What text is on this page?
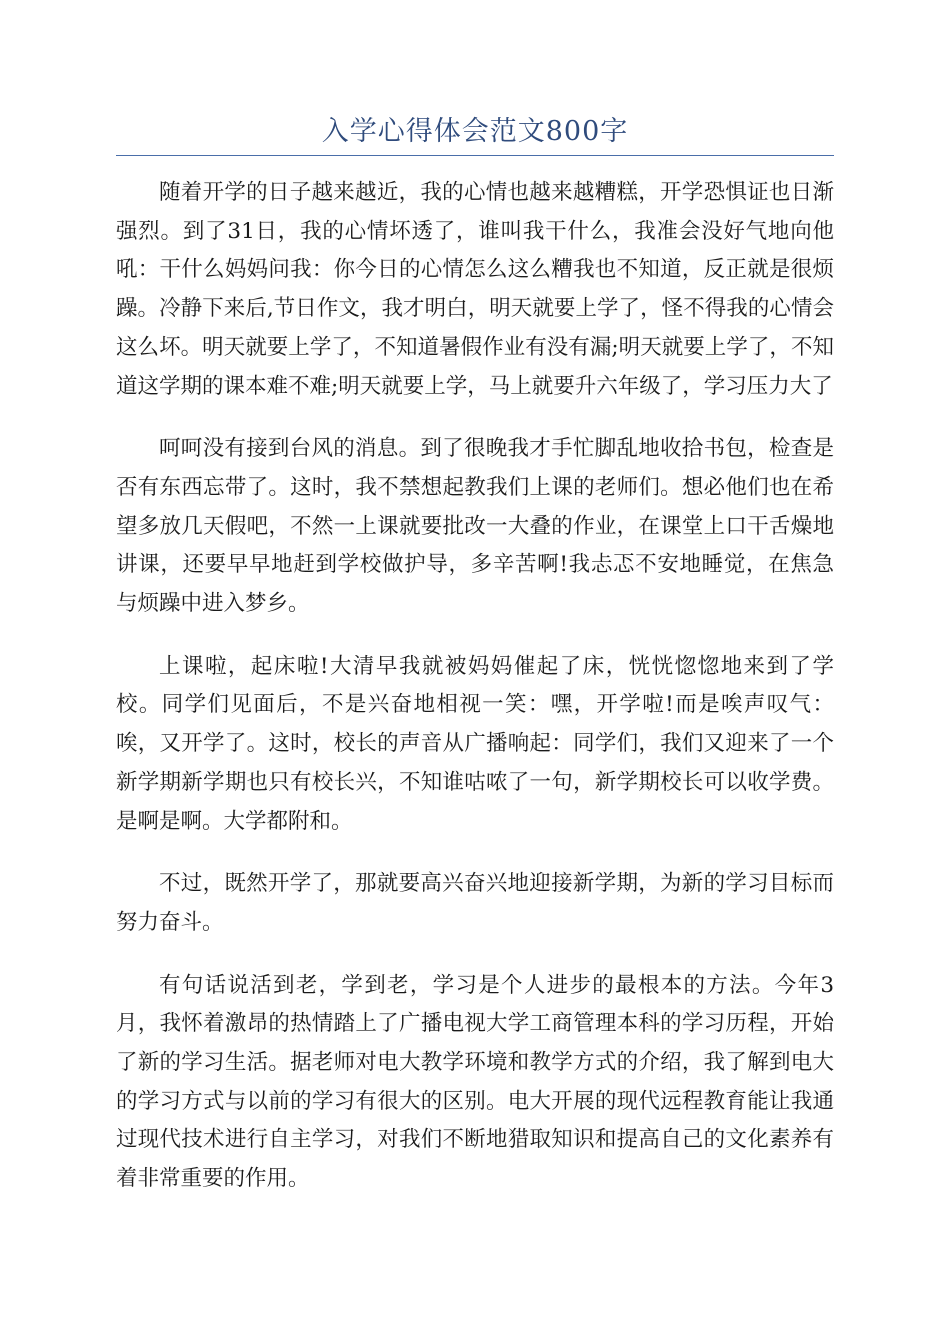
入学心得体会范文800字

随着开学的日子越来越近，我的心情也越来越糟糕，开学恐惧证也日渐强烈。到了31日，我的心情坏透了，谁叫我干什么，我准会没好气地向他吼：干什么妈妈问我：你今日的心情怎么这么糟我也不知道，反正就是很烦躁。冷静下来后,节日作文，我才明白，明天就要上学了，怪不得我的心情会这么坏。明天就要上学了，不知道暑假作业有没有漏;明天就要上学了，不知道这学期的课本难不难;明天就要上学，马上就要升六年级了，学习压力大了

呵呵没有接到台风的消息。到了很晚我才手忙脚乱地收拾书包，检查是否有东西忘带了。这时，我不禁想起教我们上课的老师们。想必他们也在希望多放几天假吧，不然一上课就要批改一大叠的作业，在课堂上口干舌燥地讲课，还要早早地赶到学校做护导，多辛苦啊!我忐忑不安地睡觉，在焦急与烦躁中进入梦乡。

上课啦，起床啦!大清早我就被妈妈催起了床，恍恍惚惚地来到了学校。同学们见面后，不是兴奋地相视一笑：嘿，开学啦!而是唉声叹气：唉，又开学了。这时，校长的声音从广播响起：同学们，我们又迎来了一个新学期新学期也只有校长兴，不知谁咕哝了一句，新学期校长可以收学费。是啊是啊。大学都附和。

不过，既然开学了，那就要高兴奋兴地迎接新学期，为新的学习目标而努力奋斗。

有句话说活到老，学到老，学习是个人进步的最根本的方法。今年3月，我怀着激昂的热情踏上了广播电视大学工商管理本科的学习历程，开始了新的学习生活。据老师对电大教学环境和教学方式的介绍，我了解到电大的学习方式与以前的学习有很大的区别。电大开展的现代远程教育能让我通过现代技术进行自主学习，对我们不断地猎取知识和提高自己的文化素养有着非常重要的作用。
